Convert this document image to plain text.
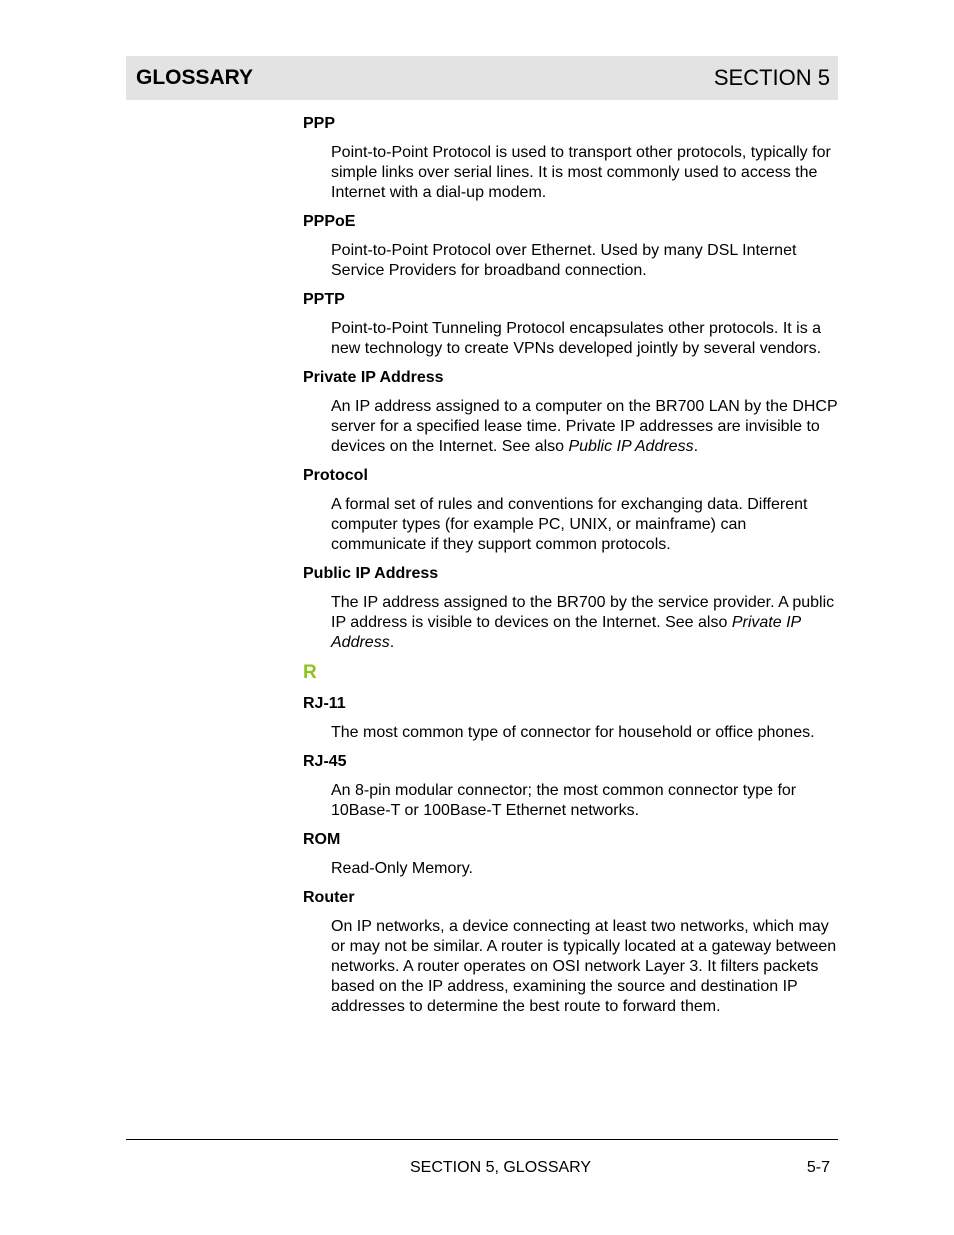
GLOSSARY	SECTION 5
PPP
Point-to-Point Protocol is used to transport other protocols, typically for simple links over serial lines. It is most commonly used to access the Internet with a dial-up modem.
PPPoE
Point-to-Point Protocol over Ethernet. Used by many DSL Internet Service Providers for broadband connection.
PPTP
Point-to-Point Tunneling Protocol encapsulates other protocols. It is a new technology to create VPNs developed jointly by several vendors.
Private IP Address
An IP address assigned to a computer on the BR700 LAN by the DHCP server for a specified lease time. Private IP addresses are invisible to devices on the Internet. See also Public IP Address.
Protocol
A formal set of rules and conventions for exchanging data. Different computer types (for example PC, UNIX, or mainframe) can communicate if they support common protocols.
Public IP Address
The IP address assigned to the BR700 by the service provider. A public IP address is visible to devices on the Internet. See also Private IP Address.
R
RJ-11
The most common type of connector for household or office phones.
RJ-45
An 8-pin modular connector; the most common connector type for 10Base-T or 100Base-T Ethernet networks.
ROM
Read-Only Memory.
Router
On IP networks, a device connecting at least two networks, which may or may not be similar. A router is typically located at a gateway between networks. A router operates on OSI network Layer 3. It filters packets based on the IP address, examining the source and destination IP addresses to determine the best route to forward them.
SECTION 5, GLOSSARY	5-7
